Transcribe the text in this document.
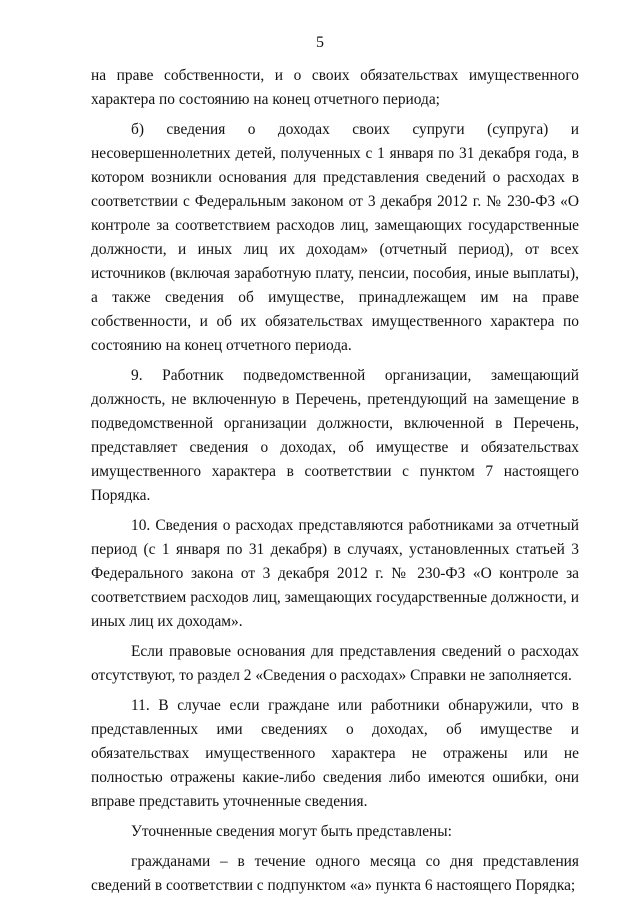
5

на праве собственности, и о своих обязательствах имущественного характера по состоянию на конец отчетного периода;

б) сведения о доходах своих супруги (супруга) и несовершеннолетних детей, полученных с 1 января по 31 декабря года, в котором возникли основания для представления сведений о расходах в соответствии с Федеральным законом от 3 декабря 2012 г. № 230-ФЗ «О контроле за соответствием расходов лиц, замещающих государственные должности, и иных лиц их доходам» (отчетный период), от всех источников (включая заработную плату, пенсии, пособия, иные выплаты), а также сведения об имуществе, принадлежащем им на праве собственности, и об их обязательствах имущественного характера по состоянию на конец отчетного периода.

9. Работник подведомственной организации, замещающий должность, не включенную в Перечень, претендующий на замещение в подведомственной организации должности, включенной в Перечень, представляет сведения о доходах, об имуществе и обязательствах имущественного характера в соответствии с пунктом 7 настоящего Порядка.

10. Сведения о расходах представляются работниками за отчетный период (с 1 января по 31 декабря) в случаях, установленных статьей 3 Федерального закона от 3 декабря 2012 г. № 230-ФЗ «О контроле за соответствием расходов лиц, замещающих государственные должности, и иных лиц их доходам».

Если правовые основания для представления сведений о расходах отсутствуют, то раздел 2 «Сведения о расходах» Справки не заполняется.

11. В случае если граждане или работники обнаружили, что в представленных ими сведениях о доходах, об имуществе и обязательствах имущественного характера не отражены или не полностью отражены какие-либо сведения либо имеются ошибки, они вправе представить уточненные сведения.

Уточненные сведения могут быть представлены:

гражданами – в течение одного месяца со дня представления сведений в соответствии с подпунктом «а» пункта 6 настоящего Порядка;
